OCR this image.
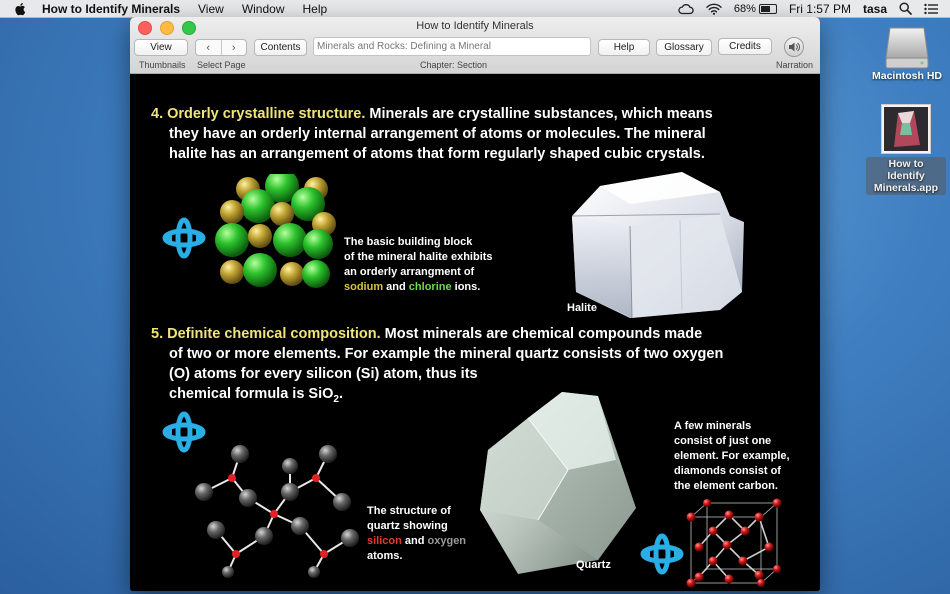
How to Identify Minerals View Window Help	68%	Fri 1:57 PM tasa
How to Identify Minerals
View
Thumbnails
‹	›
Select Page
Contents	Minerals and Rocks: Defining a Mineral
Chapter: Section
Help	Glossary	Credits
Narration
4. Orderly crystalline structure. Minerals are crystalline substances, which means
they have an orderly internal arrangement of atoms or molecules. The mineral
halite has an arrangement of atoms that form regularly shaped cubic crystals.
The basic building block
of the mineral halite exhibits
an orderly arrangment of
sodium and chlorine ions.
Halite
5. Definite chemical composition. Most minerals are chemical compounds made
of two or more elements. For example the mineral quartz consists of two oxygen
(O) atoms for every silicon (Si) atom, thus its
chemical formula is SiO$_2$.
The structure of
quartz showing
silicon and oxygen
atoms.
Quartz
A few minerals
consist of just one
element. For example,
diamonds consist of
the element carbon.
Macintosh HD
How to Identify
Minerals.app
